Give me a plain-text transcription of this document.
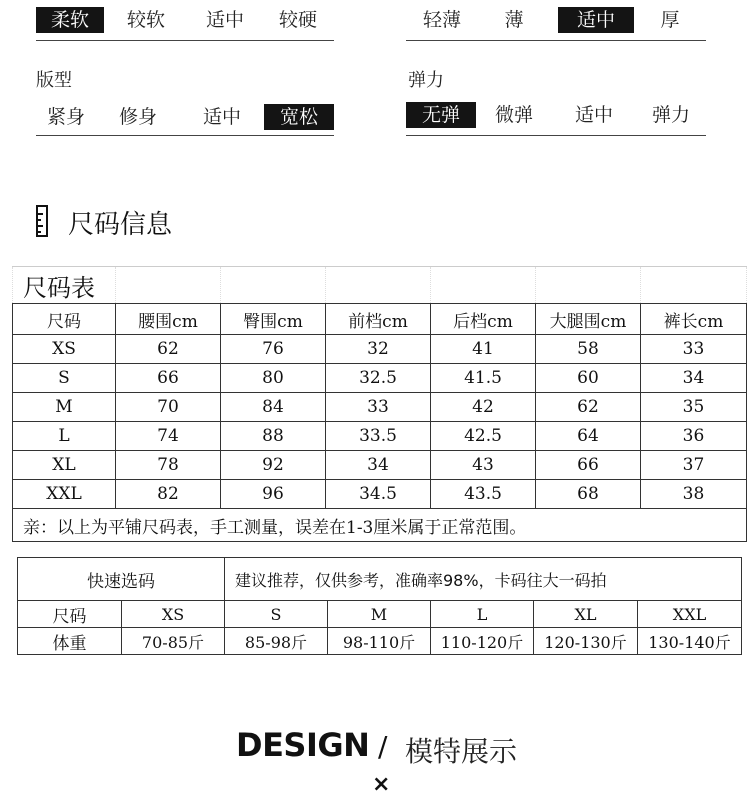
柔软	较软	适中	较硬	轻薄	薄	适中	厚
版型
紧身	修身	适中	宽松
弹力
无弹	微弹	适中	弹力
尺码信息
尺码表						
尺码	腰围cm	臀围cm	前档cm	后档cm	大腿围cm	裤长cm
XS	62	76	32	41	58	33
S	66	80	32.5	41.5	60	34
M	70	84	33	42	62	35
L	74	88	33.5	42.5	64	36
XL	78	92	34	43	66	37
XXL	82	96	34.5	43.5	68	38
亲：以上为平铺尺码表，手工测量，误差在1-3厘米属于正常范围。						
快速选码		建议推荐，仅供参考，准确率98%，卡码往大一码拍				
尺码	XS	S	M	L	XL	XXL
体重	70-85斤	85-98斤	98-110斤	110-120斤	120-130斤	130-140斤
DESIGN / 模特展示
×
